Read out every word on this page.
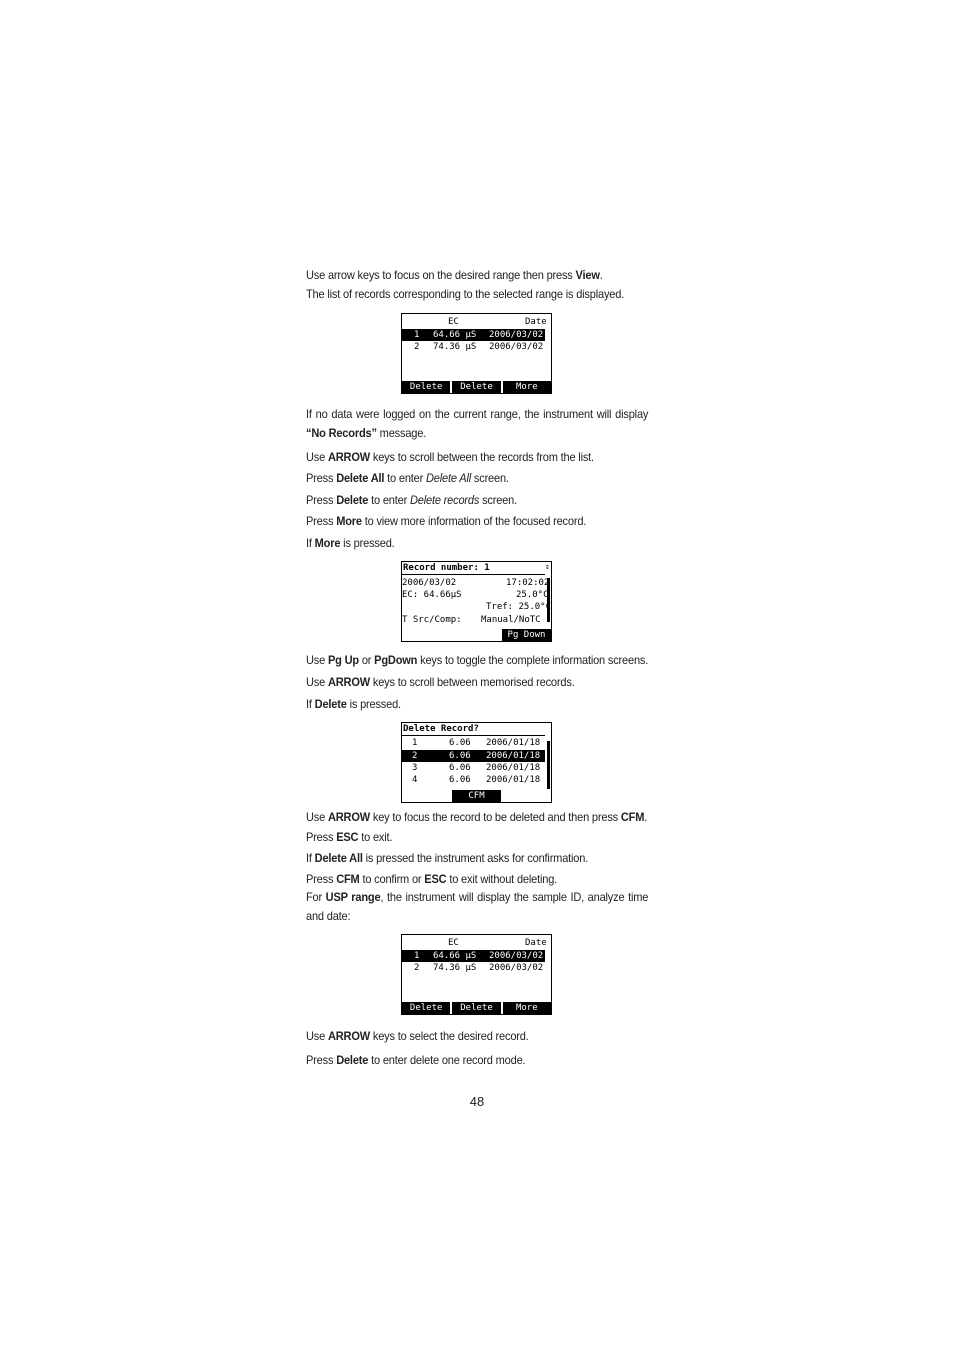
Use arrow keys to focus on the desired range then press View.
The list of records corresponding to the selected range is displayed.
EC	Date
1 64.66 μS 2006/03/02
2 74.36 μS 2006/03/02
Delete All
Delete	More
If no data were logged on the current range, the instrument will display “No Records” message.
Use ARROW keys to scroll between the records from the list.
Press Delete All to enter Delete All screen.
Press Delete to enter Delete records screen.
Press More to view more information of the focused record.
If More is pressed.
Record number: 1	⇕
2006/03/02	17:02:02
EC: 64.66μS	25.0°C
Tref: 25.0°C
T Src/Comp: Manual/NoTC
Pg Down
Use Pg Up or PgDown keys to toggle the complete information screens.
Use ARROW keys to scroll between memorised records.
If Delete is pressed.
Delete Record?
1	6.06 2006/01/18
2	6.06 2006/01/18
3	6.06 2006/01/18
4	6.06 2006/01/18
CFM
Use ARROW key to focus the record to be deleted and then press CFM.
Press ESC to exit.
If Delete All is pressed the instrument asks for confirmation.
Press CFM to confirm or ESC to exit without deleting.
For USP range, the instrument will display the sample ID, analyze time and date:
EC	Date
1 64.66 μS 2006/03/02
2 74.36 μS 2006/03/02
Delete All
Delete	More
Use ARROW keys to select the desired record.
Press Delete to enter delete one record mode.
48
